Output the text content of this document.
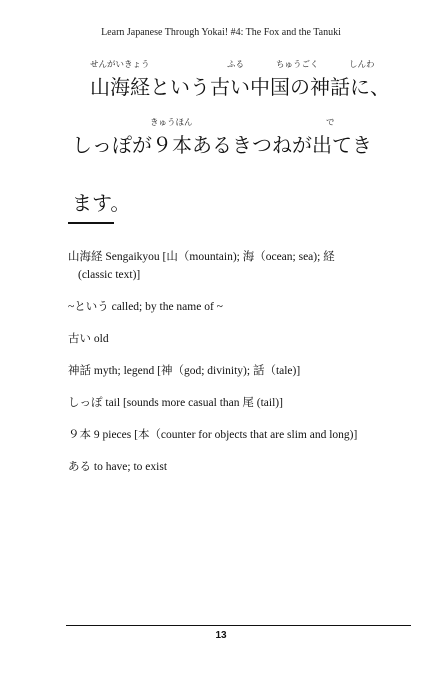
Learn Japanese Through Yokai! #4: The Fox and the Tanuki
せんがいきょう	ふる	ちゅうごく	しんわ
山海経という古い中国の神話に、
きゅうほん	で
しっぽが９本あるきつねが出てき
ます。
山海経 Sengaikyou [山（mountain); 海（ocean; sea); 経
(classic text)]
~という called; by the name of ~
古い old
神話 myth; legend [神（god; divinity); 話（tale)]
しっぽ tail [sounds more casual than 尾 (tail)]
９本 9 pieces [本（counter for objects that are slim and long)]
ある to have; to exist
13
